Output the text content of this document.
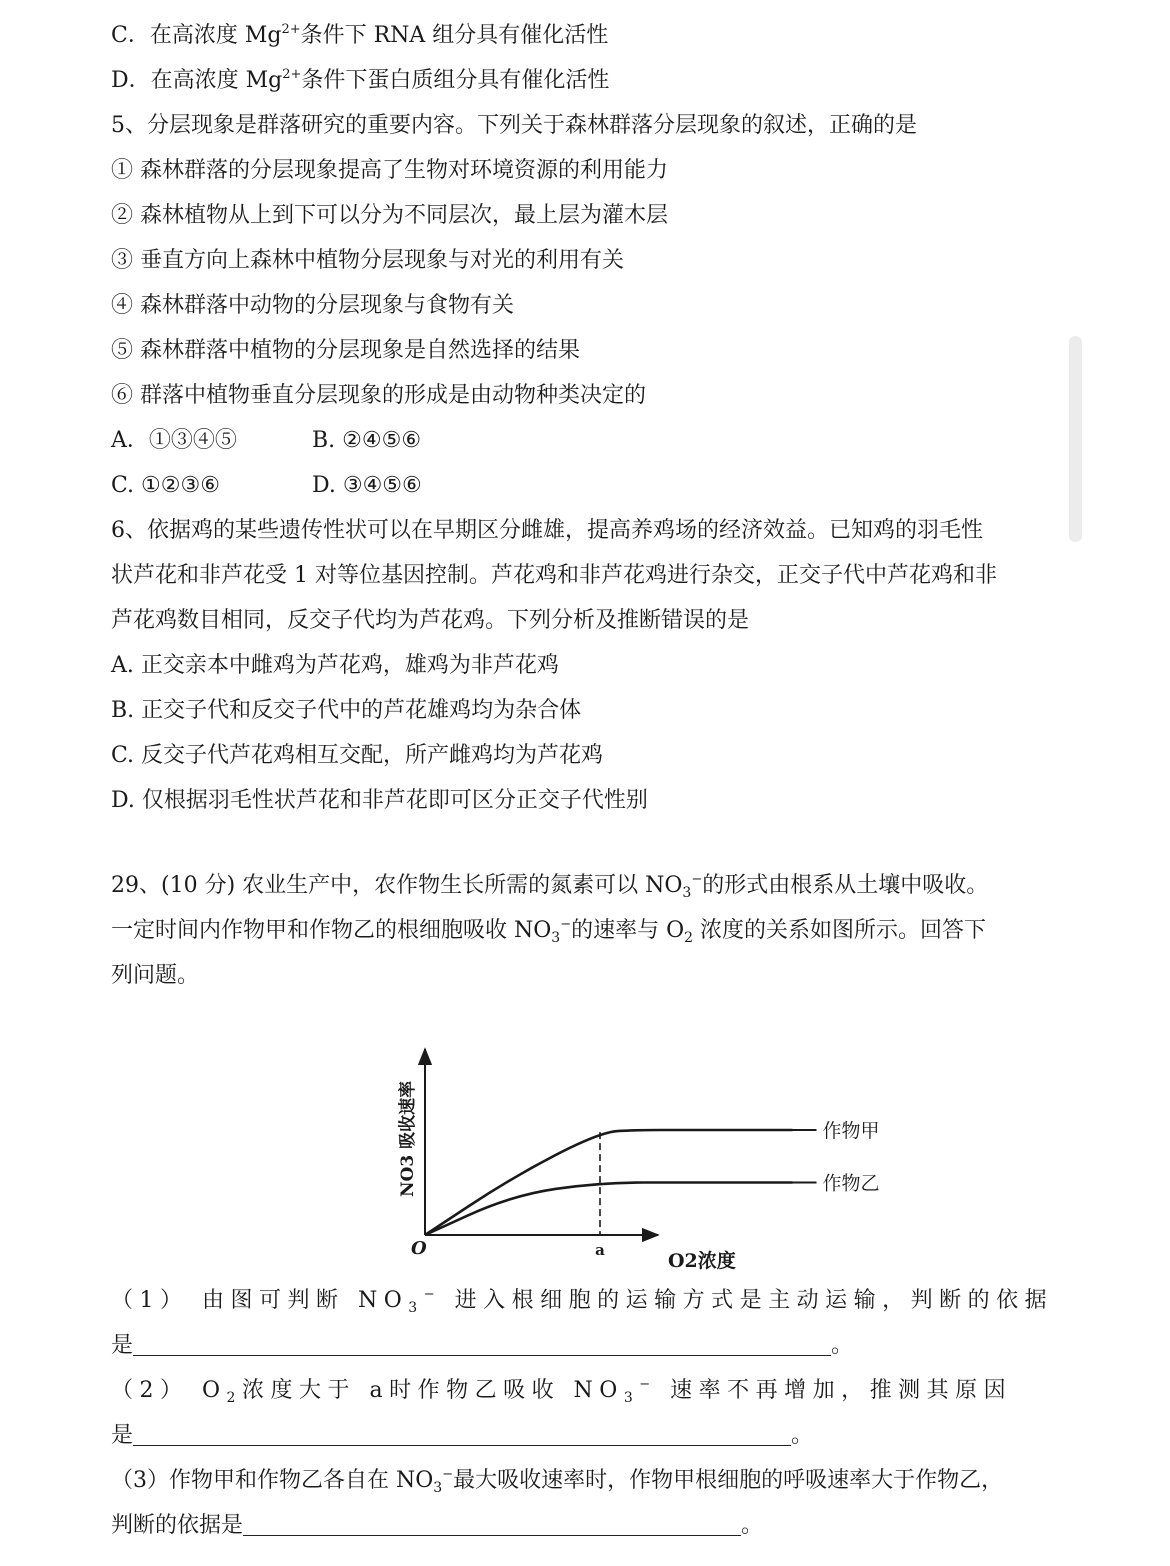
C．在高浓度 $Mg^{2+}$条件下 RNA 组分具有催化活性

D．在高浓度 $Mg^{2+}$条件下蛋白质组分具有催化活性

5、分层现象是群落研究的重要内容。下列关于森林群落分层现象的叙述，正确的是

① 森林群落的分层现象提高了生物对环境资源的利用能力

② 森林植物从上到下可以分为不同层次，最上层为灌木层

③ 垂直方向上森林中植物分层现象与对光的利用有关

④ 森林群落中动物的分层现象与食物有关

⑤ 森林群落中植物的分层现象是自然选择的结果

⑥ 群落中植物垂直分层现象的形成是由动物种类决定的

A．①③④⑤	B. ②④⑤⑥
C. ①②③⑥	D. ③④⑤⑥

6、依据鸡的某些遗传性状可以在早期区分雌雄，提高养鸡场的经济效益。已知鸡的羽毛性

状芦花和非芦花受 1 对等位基因控制。芦花鸡和非芦花鸡进行杂交，正交子代中芦花鸡和非

芦花鸡数目相同，反交子代均为芦花鸡。下列分析及推断错误的是

A. 正交亲本中雌鸡为芦花鸡，雄鸡为非芦花鸡

B. 正交子代和反交子代中的芦花雄鸡均为杂合体

C. 反交子代芦花鸡相互交配，所产雌鸡均为芦花鸡

D. 仅根据羽毛性状芦花和非芦花即可区分正交子代性别

29、(10 分) 农业生产中，农作物生长所需的氮素可以 $NO_3^-$的形式由根系从土壤中吸收。

一定时间内作物甲和作物乙的根细胞吸收 $NO_3^-$的速率与 $O_2$ 浓度的关系如图所示。回答下

列问题。

作物甲
作物乙
O	a	O2浓度
NO3 吸收速率

（1） 由图可判断 $NO_3^-$ 进入根细胞的运输方式是主动运输，判断的依据

是	。

（2） $O_2$浓度大于 a时作物乙吸收 $NO_3^-$ 速率不再增加，推测其原因

是	。

（3）作物甲和作物乙各自在 $NO_3^-$最大吸收速率时，作物甲根细胞的呼吸速率大于作物乙，

判断的依据是	。
